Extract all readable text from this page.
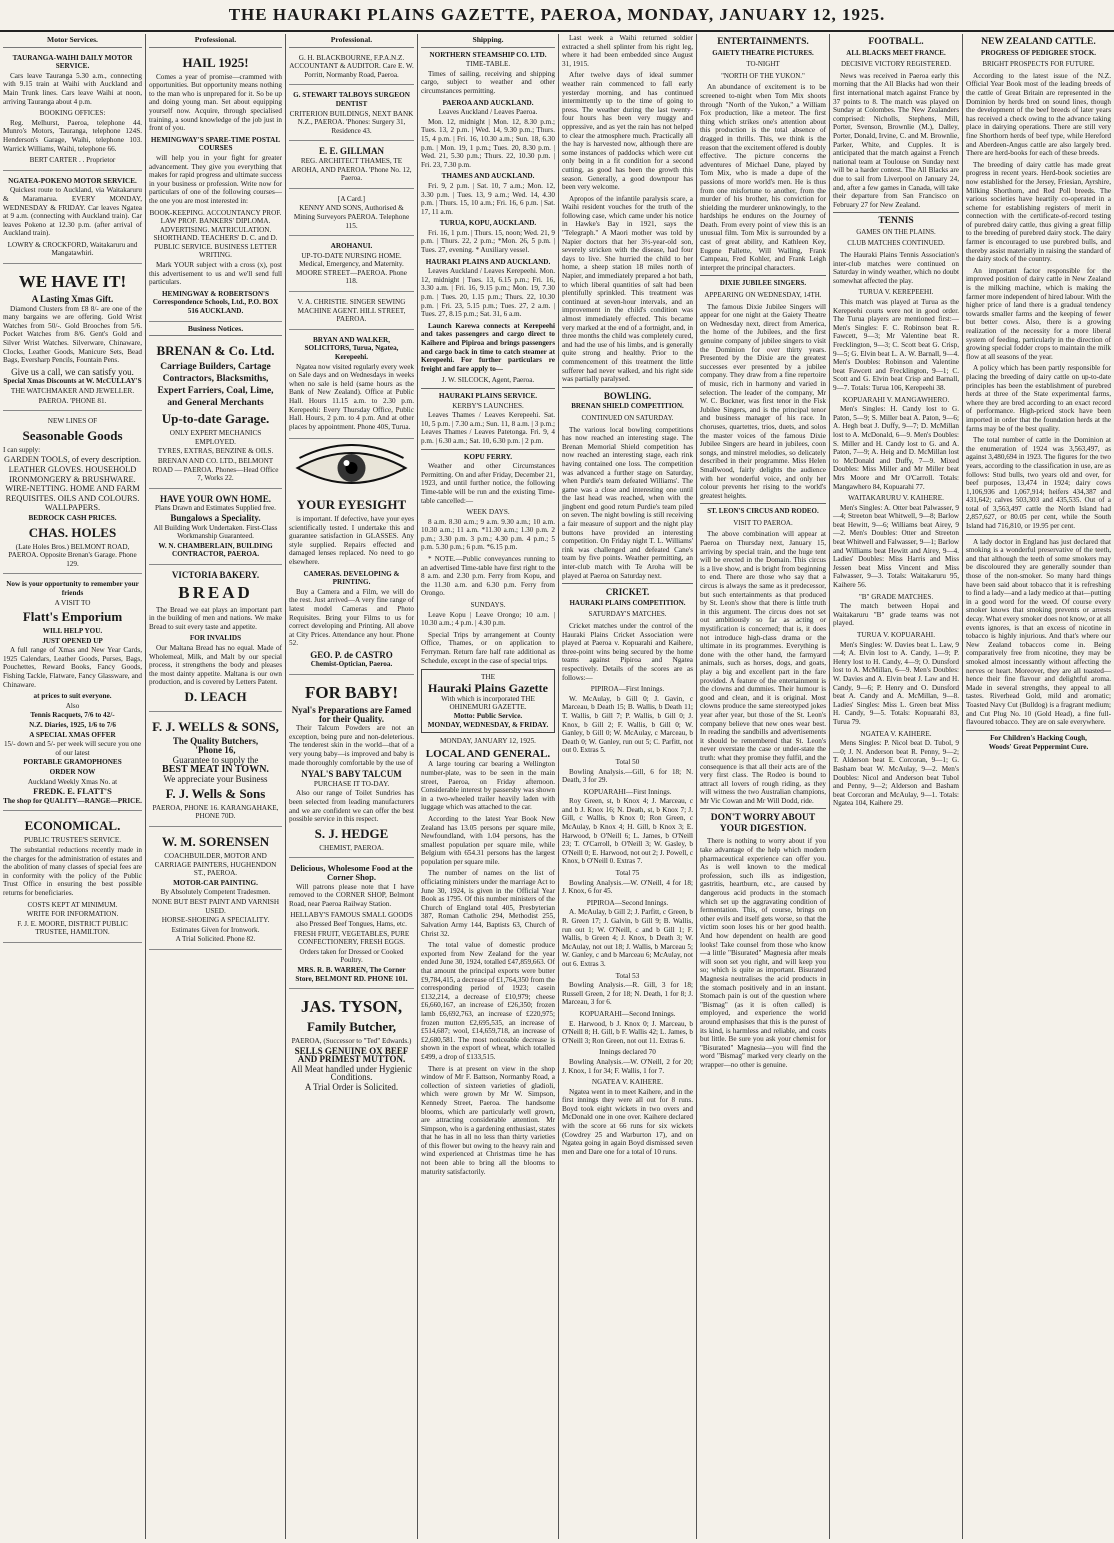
THE HAURAKI PLAINS GAZETTE, PAEROA, MONDAY, JANUARY 12, 1925.
Motor Services.
TAURANGA-WAIHI DAILY MOTOR SERVICE.

Cars leave Tauranga 5.30 a.m., connecting with 9.15 train at Waihi with Auckland and Main Trunk lines. Cars leave Waihi at noon, arriving Tauranga about 4 p.m.

BOOKING OFFICES:

Reg. Melhurst, Paeroa, telephone 44. Munro's Motors, Tauranga, telephone 124S. Henderson's Garage, Waihi, telephone 103. Warrick Williams, Waihi, telephone 66.

BERT CARTER . . Proprietor
NGATEA-POKENO MOTOR SERVICE.

Quickest route to Auckland, via Waitakaruru & Maramarua. EVERY MONDAY, WEDNESDAY & FRIDAY. Car leaves Ngatea at 9 a.m. (connecting with Auckland train). Car leaves Pokeno at 12.30 p.m. (after arrival of Auckland train).

LOWRY & CROCKFORD, Waitakaruru and Mangatawhiri.
WE HAVE IT!
A Lasting Xmas Gift.

Diamond Clusters from £8 8/- are one of the many bargains we are offering. Gold Wrist Watches from 50/-. Gold Brooches from 5/6. Pocket Watches from 8/6. Gent's Gold and Silver Wrist Watches. Silverware, Chinaware, Clocks, Leather Goods, Manicure Sets, Bead Bags, Eversharp Pencils, Fountain Pens.

Give us a call, we can satisfy you.
Special Xmas Discounts at W. McCULLAY'S
THE WATCHMAKER AND JEWELLER.
PAEROA. 'PHONE 81.
NEW LINES OF
Seasonable Goods
I can supply:
GARDEN TOOLS, of every description. LEATHER GLOVES. HOUSEHOLD IRONMONGERY & BRUSHWARE. WIRE-NETTING. HOME AND FARM REQUISITES. OILS AND COLOURS. WALLPAPERS.
BEDROCK CASH PRICES.
CHAS. HOLES
(Late Holes Bros.) BELMONT ROAD, PAEROA. Opposite Brenan's Garage. Phone 129.
Now is your opportunity to remember your friends
A VISIT TO
Flatt's Emporium
WILL HELP YOU.
JUST OPENED UP

A full range of Xmas and New Year Cards, 1925 Calendars, Leather Goods, Purses, Bags, Pouchettes, Reward Books, Fancy Goods, Fishing Tackle, Flatware, Fancy Glassware, and Chinaware.

at prices to suit everyone.
Also
Tennis Racquets, 7/6 to 42/-
N.Z. Diaries, 1925, 1/6 to 7/6
A SPECIAL XMAS OFFER
15/- down and 5/- per week will secure you one of our latest
PORTABLE GRAMOPHONES
ORDER NOW
Auckland Weekly Xmas No. at
FREDK. E. FLATT'S
The shop for QUALITY—RANGE—PRICE.
ECONOMICAL.
PUBLIC TRUSTEE'S SERVICE.

The substantial reductions recently made in the charges for the administration of estates and the abolition of many classes of special fees are in conformity with the policy of the Public Trust Office in ensuring the best possible returns for beneficiaries.

COSTS KEPT AT MINIMUM.
WRITE FOR INFORMATION.
F. J. E. MOORE, DISTRICT PUBLIC TRUSTEE, HAMILTON.
Professional.
HAIL 1925!

Comes a year of promise—crammed with opportunities. But opportunity means nothing to the man who is unprepared for it. So be up and doing young man. Set about equipping yourself now. Acquire, through specialised training, a sound knowledge of the job just in front of you.

HEMINGWAY'S SPARE-TIME POSTAL COURSES

will help you in your fight for greater advancement. They give you everything that makes for rapid progress and ultimate success in your business or profession. Write now for particulars of one of the following courses—the one you are most interested in:

BOOK-KEEPING. ACCOUNTANCY PROF. LAW PROF. BANKERS' DIPLOMA. ADVERTISING. MATRICULATION. SHORTHAND. TEACHERS' D. C. and D. PUBLIC SERVICE. BUSINESS LETTER WRITING.

Mark YOUR subject with a cross (x), post this advertisement to us and we'll send full particulars.

HEMINGWAY & ROBERTSON'S Correspondence Schools, Ltd., P.O. BOX 516 AUCKLAND.
Business Notices.
BRENAN & Co. Ltd.
Carriage Builders, Cartage Contractors, Blacksmiths, Expert Farriers, Coal, Lime, and General Merchants
Up-to-date Garage.
ONLY EXPERT MECHANICS EMPLOYED.
TYRES, EXTRAS, BENZINE & OILS.
BRENAN AND CO. LTD., BELMONT ROAD — PAEROA. Phones—Head Office 7, Works 22.
HAVE YOUR OWN HOME.
Plans Drawn and Estimates Supplied free.
Bungalows a Speciality.
All Building Work Undertaken. First-Class Workmanship Guaranteed.
W. N. CHAMBERLAIN, BUILDING CONTRACTOR, PAEROA.
VICTORIA BAKERY.
BREAD

The Bread we eat plays an important part in the building of men and nations. We make Bread to suit every taste and appetite.

FOR INVALIDS

Our Maltana Bread has no equal. Made of Wholemeal, Milk, and Malt by our special process, it strengthens the body and pleases the most dainty appetite. Maltana is our own production, and is covered by Letters Patent.

D. LEACH
F. J. WELLS & SONS,
The Quality Butchers,
'Phone 16,
Guarantee to supply the
BEST MEAT IN TOWN.
We appreciate your Business
F. J. Wells & Sons
PAEROA, PHONE 16. KARANGAHAKE, PHONE 70D.
W. M. SORENSEN
COACHBUILDER, MOTOR AND CARRIAGE PAINTERS, HUGHENDON ST., PAEROA.
MOTOR-CAR PAINTING.
By Absolutely Competent Tradesmen.
NONE BUT BEST PAINT AND VARNISH USED.
HORSE-SHOEING A SPECIALITY.
Estimates Given for Ironwork.
A Trial Solicited. Phone 82.
Professional.
G. H. BLACKBOURNE, F.P.A.N.Z. ACCOUNTANT & AUDITOR. Care E. W. Porritt, Normanby Road, Paeroa.
G. STEWART TALBOYS SURGEON DENTIST
CRITERION BUILDINGS, NEXT BANK N.Z., PAEROA. 'Phones: Surgery 31, Residence 43.
E. E. GILLMAN
REG. ARCHITECT THAMES, TE AROHA, AND PAEROA. 'Phone No. 12, Paeroa.
[A Card.]
KENNY AND SONS, Authorised & Mining Surveyors PAEROA. Telephone 115.
AROHANUI.
UP-TO-DATE NURSING HOME. Medical, Emergency, and Maternity. MOORE STREET—PAEROA. Phone 118.
V. A. CHRISTIE. SINGER SEWING MACHINE AGENT. HILL STREET, PAEROA.
BRYAN AND WALKER, SOLICITORS, Turua, Ngatea, Kerepeehi.

Ngatea now visited regularly every week on Sale days and on Wednesdays in weeks when no sale is held (same hours as the Bank of New Zealand). Office at Public Hall. Hours 11.15 a.m. to 2.30 p.m. Kerepeehi: Every Thursday Office, Public Hall. Hours, 2 p.m. to 4 p.m. And at other places by appointment. Phone 40S, Turua.

YOUR EYESIGHT

is important. If defective, have your eyes scientifically tested. I undertake this and guarantee satisfaction in GLASSES. Any style supplied. Repairs effected and damaged lenses replaced. No need to go elsewhere.

CAMERAS. DEVELOPING & PRINTING.

Buy a Camera and a Film, we will do the rest. Just arrived—A very fine range of latest model Cameras and Photo Requisites. Bring your Films to us for correct developing and Printing. All above at City Prices. Attendance any hour. Phone 52.

GEO. P. de CASTRO
Chemist-Optician, Paeroa.
FOR BABY!
Nyal's Preparations are Famed for their Quality.

Their Talcum Powders are not an exception, being pure and non-deleterious. The tenderest skin in the world—that of a very young baby—is improved and baby is made thoroughly comfortable by the use of

NYAL'S BABY TALCUM
PURCHASE IT TO-DAY.

Also our range of Toilet Sundries has been selected from leading manufacturers and we are confident we can offer the best possible service in this respect.

S. J. HEDGE
CHEMIST, PAEROA.
Delicious, Wholesome Food at the Corner Shop.

Will patrons please note that I have removed to the CORNER SHOP, Belmont Road, near Paeroa Railway Station.

HELLABY'S FAMOUS SMALL GOODS also Pressed Beef Tongues, Hams, etc.
FRESH FRUIT, VEGETABLES, PURE CONFECTIONERY, FRESH EGGS.
Orders taken for Dressed or Cooked Poultry.
MRS. R. B. WARREN, The Corner Store, BELMONT RD. PHONE 101.
JAS. TYSON,
Family Butcher,
PAEROA, (Successor to "Ted" Edwards.)
SELLS GENUINE OX BEEF AND PRIMEST MUTTON.
All Meat handled under Hygienic Conditions.
A Trial Order is Solicited.
Shipping.
NORTHERN STEAMSHIP CO. LTD.
TIME-TABLE.

Times of sailing, receiving and shipping cargo, subject to weather and other circumstances permitting.

PAEROA AND AUCKLAND.
Leaves Auckland / Leaves Paeroa.

Mon. 12, midnight | Mon. 12, 8.30 p.m.; Tues. 13, 2 p.m. | Wed. 14, 9.30 p.m.; Thurs. 15, 4 p.m. | Fri. 16, 10.30 a.m.; Sun. 18, 6.30 p.m. | Mon. 19, 1 p.m.; Tues. 20, 8.30 p.m. | Wed. 21, 5.30 p.m.; Thurs. 22, 10.30 p.m. | Fri. 23, 7.30 p.m.

THAMES AND AUCKLAND.

Fri. 9, 2 p.m. | Sat. 10, 7 a.m.; Mon. 12, 3.30 p.m. | Tues. 13, 9 a.m.; Wed. 14, 4.30 p.m. | Thurs. 15, 10 a.m.; Fri. 16, 6 p.m. | Sat. 17, 11 a.m.

TURUA, KOPU, AUCKLAND.

Fri. 16, 1 p.m. | Thurs. 15, noon; Wed. 21, 9 p.m. | Thurs. 22, 2 p.m.; *Mon. 26, 5 p.m. | Tues. 27, evening. * Auxiliary vessel.

HAURAKI PLAINS AND AUCKLAND.

Leaves Auckland / Leaves Kerepeehi. Mon. 12, midnight | Tues. 13, 6.15 p.m.; Fri. 16, 3.30 a.m. | Fri. 16, 9.15 p.m.; Mon. 19, 7.30 p.m. | Tues. 20, 1.15 p.m.; Thurs. 22, 10.30 p.m. | Fri. 23, 5.15 p.m.; Tues. 27, 2 a.m. | Tues. 27, 8.15 p.m.; Sat. 31, 6 a.m.

Launch Karewa connects at Kerepeehi and takes passengers and cargo direct to Kaihere and Pipiroa and brings passengers and cargo back in time to catch steamer at Kerepeehi. For further particulars re freight and fare apply to—

J. W. SILCOCK, Agent, Paeroa.
HAURAKI PLAINS SERVICE.
KERBY'S LAUNCHES.

Leaves Thames / Leaves Kerepeehi. Sat. 10, 5 p.m. | 7.30 a.m.; Sun. 11, 8 a.m. | 3 p.m.; Leaves Thames / Leaves Patetonga. Fri. 9, 4 p.m. | 6.30 a.m.; Sat. 10, 6.30 p.m. | 2 p.m.

KOPU FERRY.

Weather and other Circumstances Permitting. On and after Friday, December 21, 1923, and until further notice, the following Time-table will be run and the existing Time-table cancelled:—

WEEK DAYS.

8 a.m. 8.30 a.m.; 9 a.m. 9.30 a.m.; 10 a.m. 10.30 a.m.; 11 a.m. *11.30 a.m.; 1.30 p.m. 2 p.m.; 3.30 p.m. 3 p.m.; 4.30 p.m. 4 p.m.; 5 p.m. 5.30 p.m.; 6 p.m. *6.15 p.m.

* NOTE.—Public conveyances running to an advertised Time-table have first right to the 8 a.m. and 2.30 p.m. Ferry from Kopu, and the 11.30 a.m. and 6.30 p.m. Ferry from Orongo.

SUNDAYS.

Leave Kopu | Leave Orongo; 10 a.m. | 10.30 a.m.; 4 p.m. | 4.30 p.m.

Special Trips by arrangement at County Office, Thames, or on application to Ferryman. Return fare half rate additional as Schedule, except in the case of special trips.

THE
Hauraki Plains Gazette
With which is incorporated THE OHINEMURI GAZETTE.
Motto: Public Service.
MONDAY, WEDNESDAY, & FRIDAY.
MONDAY, JANUARY 12, 1925.
LOCAL AND GENERAL.

A large touring car bearing a Wellington number-plate, was to be seen in the main street, Paeroa, on Friday afternoon. Considerable interest by passersby was shown in a two-wheeled trailer heavily laden with luggage which was attached to the car.

According to the latest Year Book New Zealand has 13.05 persons per square mile, Newfoundland, with 1.04 persons, has the smallest population per square mile, while Belgium with 654.31 persons has the largest population per square mile.

The number of names on the list of officiating ministers under the marriage Act to June 30, 1924, is given in the Official Year Book as 1795. Of this number ministers of the Church of England total 405, Presbyterian 387, Roman Catholic 294, Methodist 255, Salvation Army 144, Baptists 63, Church of Christ 32.

The total value of domestic produce exported from New Zealand for the year ended June 30, 1924, totalled £47,859,663. Of that amount the principal exports were butter £9,784,415, a decrease of £1,764,350 from the corresponding period of 1923; casein £132,214, a decrease of £10,979; cheese £6,660,167, an increase of £26,350; frozen lamb £6,692,763, an increase of £220,975; frozen mutton £2,695,535, an increase of £514,687; wool, £14,659,718, an increase of £2,680,581. The most noticeable decrease is shown in the export of wheat, which totalled £499, a drop of £133,515.

There is at present on view in the shop window of Mr F. Battson, Normanby Road, a collection of sixteen varieties of gladioli, which were grown by Mr W. Simpson, Kennedy Street, Paeroa. The handsome blooms, which are particularly well grown, are attracting considerable attention. Mr Simpson, who is a gardening enthusiast, states that he has in all no less than thirty varieties of this flower but owing to the heavy rain and wind experienced at Christmas time he has not been able to bring all the blooms to maturity satisfactorily.

Last week a Waihi returned soldier extracted a shell splinter from his right leg, where it had been embedded since August 31, 1915.

After twelve days of ideal summer weather rain commenced to fall early yesterday morning, and has continued intermittently up to the time of going to press. The weather during the last twenty-four hours has been very muggy and oppressive, and as yet the rain has not helped to clear the atmosphere much. Practically all the hay is harvested now, although there are some instances of paddocks which were cut only being in a fit condition for a second cutting, as good has been the growth this season. Generally, a good downpour has been very welcome.

Apropos of the infantile paralysis scare, a Waihi resident vouches for the truth of the following case, which came under his notice in Hawke's Bay in 1921, says the "Telegraph." A Maori mother was told by Napier doctors that her 3½-year-old son, severely stricken with the disease, had four days to live. She hurried the child to her home, a sheep station 18 miles north of Napier, and immediately prepared a hot bath, to which liberal quantities of salt had been plentifully sprinkled. This treatment was continued at seven-hour intervals, and an improvement in the child's condition was almost immediately effected. This became very marked at the end of a fortnight, and, in three months the child was completely cured, and had the use of his limbs, and is generally quite strong and healthy. Prior to the commencement of this treatment the little sufferer had never walked, and his right side was partially paralysed.

BOWLING.
BRENAN SHIELD COMPETITION.
CONTINUED ON SATURDAY.

The various local bowling competitions has now reached an interesting stage. The Brenan Memorial Shield competition has now reached an interesting stage, each rink having contained one loss. The competition was advanced a further stage on Saturday, when Purdie's team defeated Williams'. The game was a close and interesting one until the last head was reached, when with the jingbent end good return Purdie's team piled on seven. The night bowling is still receiving a fair measure of support and the night play buttons have provided an interesting competition. On Friday night T. L. Williams' rink was challenged and defeated Cane's team by five points. Weather permitting, an inter-club match with Te Aroha will be played at Paeroa on Saturday next.

CRICKET.
HAURAKI PLAINS COMPETITION.
SATURDAY'S MATCHES.

Cricket matches under the control of the Hauraki Plains Cricket Association were played at Paeroa v. Kopuarahi and Kaihere, three-point wins being secured by the home teams against Pipiroa and Ngatea respectively. Details of the scores are as follows:—

PIPIROA—First Innings.

W. McAulay, b Gill 0; J. Gavin, c Marceau, b Death 15; B. Wallis, b Death 11; T. Wallis, b Gill 7; P. Wallis, b Gill 0; J. Knox, b Gill 2; F. Wallis, b Gill 0; W. Ganley, b Gill 0; W. McAulay, c Marceau, b Death 0; W. Ganley, run out 5; C. Parfitt, not out 0. Extras 5.

Total 50

Bowling Analysis.—Gill, 6 for 18; N. Death, 3 for 29.

KOPUARAHI—First Innings.

Roy Green, st, b Knox 4; J. Marceau, c and b J. Knox 16; N. Death, st, b Knox 7; J. Gill, c Wallis, b Knox 0; Ron Green, c McAulay, b Knox 4; H. Gill, b Knox 3; E. Harwood, b O'Neill 6; L. James, b O'Neill 23; T. O'Carroll, b O'Neill 3; W. Gasley, b O'Neill 0; E. Harwood, not out 2; J. Powell, c Knox, b O'Neill 0. Extras 7.

Total 75

Bowling Analysis.—W. O'Neill, 4 for 18; J. Knox, 6 for 45.

PIPIROA—Second Innings.

A. McAulay, b Gill 2; J. Parfitt, c Green, b R. Green 17; J. Galvin, b Gill 9; B. Wallis, run out 1; W. O'Neill, c and b Gill 1; F. Wallis, b Green 4; J. Knox, b Death 3; W. McAulay, not out 18; J. Wallis, b Marceau 5; W. Ganley, c and b Marceau 6; McAulay, not out 6. Extras 3.

Total 53

Bowling Analysis.—R. Gill, 3 for 18; Russell Green, 2 for 18; N. Death, 1 for 8; J. Marceau, 3 for 6.

KOPUARAHI—Second Innings.

E. Harwood, b J. Knox 0; J. Marceau, b O'Neill 8; H. Gill, b F. Wallis 42; L. James, b O'Neill 3; Ron Green, not out 11. Extras 6.

Innings declared 70

Bowling Analysis.—W. O'Neill, 2 for 20; J. Knox, 1 for 34; F. Wallis, 1 for 7.

NGATEA V. KAIHERE.

Ngatea went in to meet Kaihere, and in the first innings they were all out for 8 runs. Boyd took eight wickets in two overs and McDonald one in one over. Kaihere declared with the score at 66 runs for six wickets (Cowdrey 25 and Warburton 17), and on Ngatea going in again Boyd dismissed seven men and Dare one for a total of 10 runs.

ENTERTAINMENTS.
GAIETY THEATRE PICTURES.
TO-NIGHT
"NORTH OF THE YUKON."

An abundance of excitement is to be screened to-night when Tom Mix shoots through "North of the Yukon," a William Fox production, like a meteor. The first thing which strikes one's attention about this production is the total absence of dragged in thrills. This, we think is the reason that the excitement offered is doubly effective. The picture concerns the adventures of Michael Dane, played by Tom Mix, who is made a dupe of the passions of more world's men. He is thus from one misfortune to another, from the murder of his brother, his conviction for shielding the murderer unknowingly, to the hardships he endures on the Journey of Death. From every point of view this is an unusual film. Tom Mix is surrounded by a cast of great ability, and Kathleen Key, Eugene Pallette, Will Walling, Frank Campeau, Fred Kohler, and Frank Leigh interpret the principal characters.

DIXIE JUBILEE SINGERS.
APPEARING ON WEDNESDAY, 14TH.

The famous Dixie Jubilee Singers will appear for one night at the Gaiety Theatre on Wednesday next, direct from America, the home of the Jubilees, and the first genuine company of jubilee singers to visit the Dominion for over thirty years. Presented by the Dixie are the greatest successes ever presented by a jubilee company. They draw from a fine repertoire of music, rich in harmony and varied in selection. The leader of the company, Mr W. C. Buckner, was first tenor in the Fisk Jubilee Singers, and is the principal tenor and business manager of his race. In choruses, quartettes, trios, duets, and solos the master voices of the famous Dixie Jubilee Singers are heard in jubilees, coon songs, and minstrel melodies, so delicately described in their programme. Miss Helen Smallwood, fairly delights the audience with her wonderful voice, and only her colour prevents her rising to the world's greatest heights.

ST. LEON'S CIRCUS AND RODEO.
VISIT TO PAEROA.

The above combination will appear at Paeroa on Thursday next, January 15, arriving by special train, and the huge tent will be erected in the Domain. This circus is a live show, and is bright from beginning to end. There are those who say that a circus is always the same as it predecessor, but such entertainments as that produced by St. Leon's show that there is little truth in this argument. The circus does not set out ambitiously so far as acting or mystification is concerned; that is, it does not introduce high-class drama or the ultimate in its programmes. Everything is done with the other hand, the farmyard animals, such as horses, dogs, and goats, play a big and excellent part in the fare provided. A feature of the entertainment is the clowns and dummies. Their humour is good and clean, and it is original. Most clowns produce the same stereotyped jokes year after year, but those of the St. Leon's company believe that new ones wear best. In reading the sandbills and advertisements it should be remembered that St. Leon's never overstate the case or under-state the truth: what they promise they fulfil, and the consequence is that all their acts are of the very first class. The Rodeo is bound to attract all lovers of rough riding, as they will witness the two Australian champions, Mr Vic Cowan and Mr Will Dodd, ride.

DON'T WORRY ABOUT YOUR DIGESTION.

There is nothing to worry about if you take advantage of the help which modern pharmaceutical experience can offer you. As is well known to the medical profession, such ills as indigestion, gastritis, heartburn, etc., are caused by dangerous acid products in the stomach which set up the aggravating condition of fermentation. This, of course, brings on other evils and itself gets worse, so that the victim soon loses his or her good health. And how dependent on health are good looks! Take counsel from those who know—a little "Bisurated" Magnesia after meals will soon set you right, and will keep you so; which is quite as important. Bisurated Magnesia neutralises the acid products in the stomach positively and in an instant. Stomach pain is out of the question where "Bismag" (as it is often called) is employed, and experience the world around emphasises that this is the purest of its kind, is harmless and reliable, and costs but little. Be sure you ask your chemist for "Bisurated" Magnesia—you will find the word "Bismag" marked very clearly on the wrapper—no other is genuine.

FOOTBALL.
ALL BLACKS MEET FRANCE.
DECISIVE VICTORY REGISTERED.

News was received in Paeroa early this morning that the All Blacks had won their first international match against France by 37 points to 8. The match was played on Sunday at Colombes. The New Zealanders comprised: Nicholls, Stephens, Mill, Porter, Svenson, Brownlie (M.), Dalley, Porter, Donald, Irvine, C. and M. Brownlie, Parker, White, and Cupples. It is anticipated that the match against a French national team at Toulouse on Sunday next will be a harder contest. The All Blacks are due to sail from Liverpool on January 24, and, after a few games in Canada, will take their departure from San Francisco on February 27 for New Zealand.

TENNIS
GAMES ON THE PLAINS.
CLUB MATCHES CONTINUED.

The Hauraki Plains Tennis Association's inter-club matches were continued on Saturday in windy weather, which no doubt somewhat affected the play.

TURUA V. KEREPEEHI.

This match was played at Turua as the Kerepeehi courts were not in good order. The Turua players are mentioned first:— Men's Singles: F. C. Robinson beat R. Fawcett, 9—3; Mr Valentine beat R. Frecklington, 9—3; C. Scott beat G. Crisp, 9—5; G. Elvin beat L. A. W. Barnall, 9—4. Men's Doubles: Robinson and Valentine beat Fawcett and Frecklington, 9—1; C. Scott and G. Elvin beat Crisp and Barnall, 9—7. Totals: Turua 106, Kerepeehi 38.

KOPUARAHI V. MANGAWHERO.

Men's Singles: H. Candy lost to G. Paton, 5—9; S. Miller beat A. Paton, 9—6; A. Hegh beat J. Duffy, 9—7; D. McMillan lost to A. McDonald, 6—9. Men's Doubles: S. Miller and H. Candy lost to G. and A. Paton, 7—9; A. Heig and D. McMillan lost to McDonald and Duffy, 7—9. Mixed Doubles: Miss Miller and Mr Miller beat Mrs Moore and Mr O'Carroll. Totals: Mangawhero 84, Kopuarahi 77.

WAITAKARURU V. KAIHERE.

Men's Singles: A. Otter beat Palwasser, 9—4; Streeton beat Whitwell, 9—8; Barlow beat Hewitt, 9—6; Williams beat Airey, 9—2. Men's Doubles: Otter and Streeton beat Whitwell and Falwasser, 9—1; Barlow and Williams beat Hewitt and Airey, 9—4. Ladies' Doubles: Miss Harris and Miss Jessen beat Miss Vincent and Miss Falwasser, 9—3. Totals: Waitakaruru 95, Kaihere 56.

"B" GRADE MATCHES.

The match between Hopai and Waitakaruru "B" grade teams was not played.

TURUA V. KOPUARAHI.

Men's Singles: W. Davies beat L. Law, 9—4; A. Elvin lost to A. Candy, 1—9; P. Henry lost to H. Candy, 4—9; O. Dunsford lost to A. McMillan, 6—9. Men's Doubles: W. Davies and A. Elvin beat J. Law and H. Candy, 9—6; P. Henry and O. Dunsford beat A. Candy and A. McMillan, 9—8. Ladies' Singles: Miss L. Green beat Miss H. Candy, 9—5. Totals: Kopuarahi 83, Turua 79.

NGATEA V. KAIHERE.

Mens Singles: P. Nicol beat D. Tubol, 9—0; J. N. Anderson beat R. Penny, 9—2; T. Alderson beat E. Corcoran, 9—1; G. Basham beat W. McAulay, 9—2. Men's Doubles: Nicol and Anderson beat Tubol and Penny, 9—2; Alderson and Basham beat Corcoran and McAulay, 9—1. Totals: Ngatea 104, Kaihere 29.

NEW ZEALAND CATTLE.
PROGRESS OF PEDIGREE STOCK.
BRIGHT PROSPECTS FOR FUTURE.

According to the latest issue of the N.Z. Official Year Book most of the leading breeds of the cattle of Great Britain are represented in the Dominion by herds bred on sound lines, though the development of the beef breeds of later years has received a check owing to the advance taking place in dairying operations. There are still very fine Shorthorn herds of beef type, while Hereford and Aberdeen-Angus cattle are also largely bred. There are herd-books for each of these breeds.

The breeding of dairy cattle has made great progress in recent years. Herd-book societies are now established for the Jersey, Friesian, Ayrshire, Milking Shorthorn, and Red Poll breeds. The various societies have heartily co-operated in a scheme for establishing registers of merit in connection with the certificate-of-record testing of purebred dairy cattle, thus giving a great fillip to the breeding of purebred dairy stock. The dairy farmer is encouraged to use purebred bulls, and thereby assist materially in raising the standard of the dairy stock of the country.

An important factor responsible for the improved position of dairy cattle in New Zealand is the milking machine, which is making the farmer more independent of hired labour. With the higher price of land there is a gradual tendency towards smaller farms and the keeping of fewer but better cows. Also, there is a growing realization of the necessity for a more liberal system of feeding, particularly in the direction of growing special fodder crops to maintain the milk flow at all seasons of the year.

A policy which has been partly responsible for placing the breeding of dairy cattle on up-to-date principles has been the establishment of purebred herds at three of the State experimental farms, where they are bred according to an exact record of performance. High-priced stock have been imported in order that the foundation herds at the farms may be of the best quality.

The total number of cattle in the Dominion at the enumeration of 1924 was 3,563,497, as against 3,480,694 in 1923. The figures for the two years, according to the classification in use, are as follows: Stud bulls, two years old and over, for beef purposes, 13,474 in 1924; dairy cows 1,106,936 and 1,067,914; heifers 434,387 and 431,642; calves 503,303 and 435,535. Out of a total of 3,563,497 cattle the North Island had 2,857,627, or 80.05 per cent, while the South Island had 716,810, or 19.95 per cent.

A lady doctor in England has just declared that smoking is a wonderful preservative of the teeth, and that although the teeth of some smokers may be discoloured they are generally sounder than those of the non-smoker. So many hard things have been said about tobacco that it is refreshing to find a lady—and a lady medico at that—putting in a good word for the weed. Of course every smoker knows that smoking prevents or arrests decay. What every smoker does not know, or at all events ignores, is that an excess of nicotine in tobacco is highly injurious. And that's where our New Zealand tobaccos come in. Being comparatively free from nicotine, they may be smoked almost incessantly without affecting the nerves or heart. Moreover, they are all toasted—hence their fine flavour and delightful aroma. Made in several strengths, they appeal to all tastes. Riverhead Gold, mild and aromatic; Toasted Navy Cut (Bulldog) is a fragrant medium; and Cut Plug No. 10 (Gold Head), a fine full-flavoured tobacco. They are on sale everywhere.

For Children's Hacking Cough,
Woods' Great Peppermint Cure.
